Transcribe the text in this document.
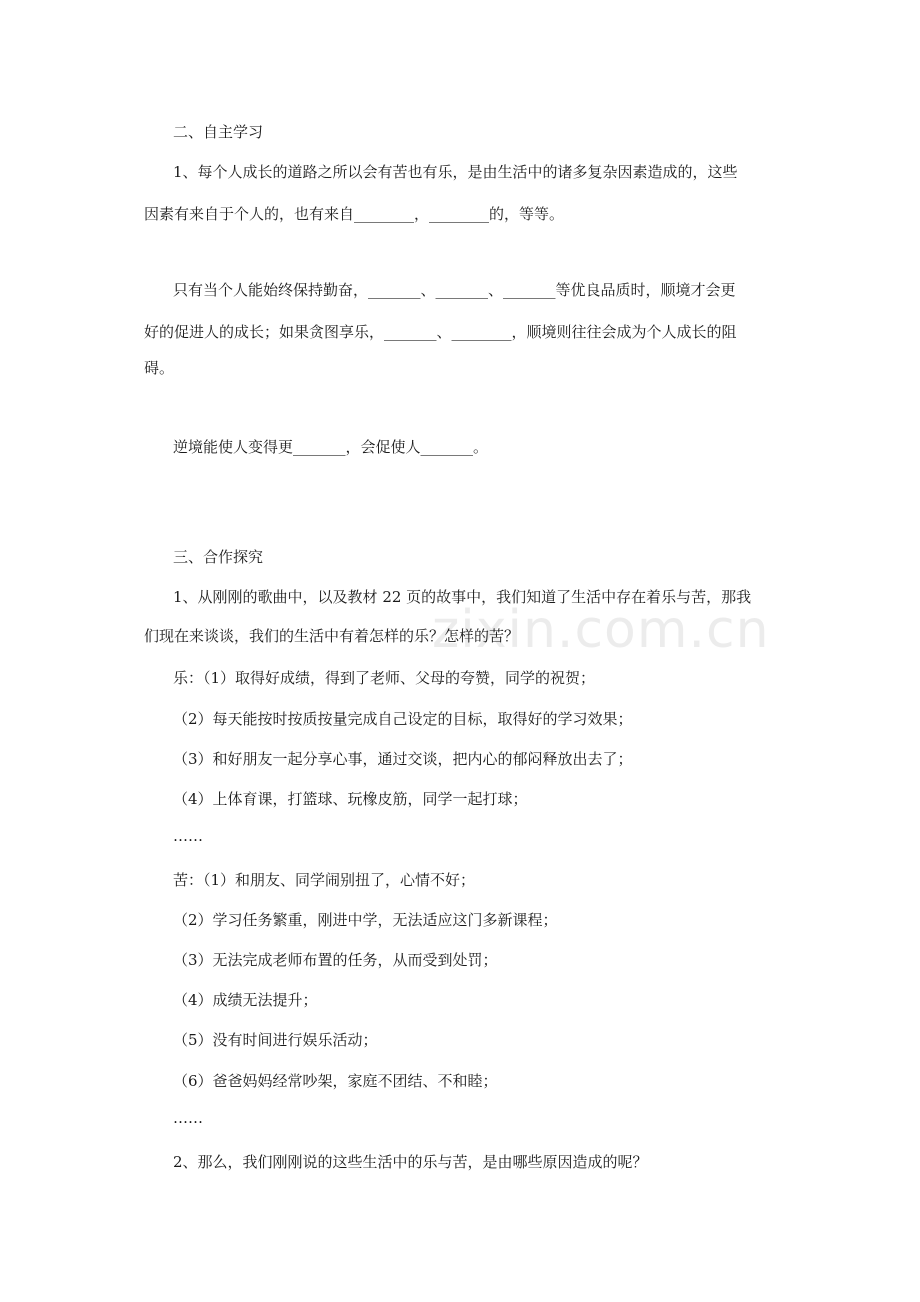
zixin.com.cn
二、自主学习
1、每个人成长的道路之所以会有苦也有乐，是由生活中的诸多复杂因素造成的，这些
因素有来自于个人的，也有来自________，________的，等等。
只有当个人能始终保持勤奋，_______、_______、_______等优良品质时，顺境才会更
好的促进人的成长；如果贪图享乐，_______、________，顺境则往往会成为个人成长的阻
碍。
逆境能使人变得更_______，会促使人_______。
三、合作探究
1、从刚刚的歌曲中，以及教材 22 页的故事中，我们知道了生活中存在着乐与苦，那我
们现在来谈谈，我们的生活中有着怎样的乐？怎样的苦？
乐：（1）取得好成绩，得到了老师、父母的夸赞，同学的祝贺；
（2）每天能按时按质按量完成自己设定的目标，取得好的学习效果；
（3）和好朋友一起分享心事，通过交谈，把内心的郁闷释放出去了；
（4）上体育课，打篮球、玩橡皮筋，同学一起打球；
……
苦：（1）和朋友、同学闹别扭了，心情不好；
（2）学习任务繁重，刚进中学，无法适应这门多新课程；
（3）无法完成老师布置的任务，从而受到处罚；
（4）成绩无法提升；
（5）没有时间进行娱乐活动；
（6）爸爸妈妈经常吵架，家庭不团结、不和睦；
……
2、那么，我们刚刚说的这些生活中的乐与苦，是由哪些原因造成的呢？
